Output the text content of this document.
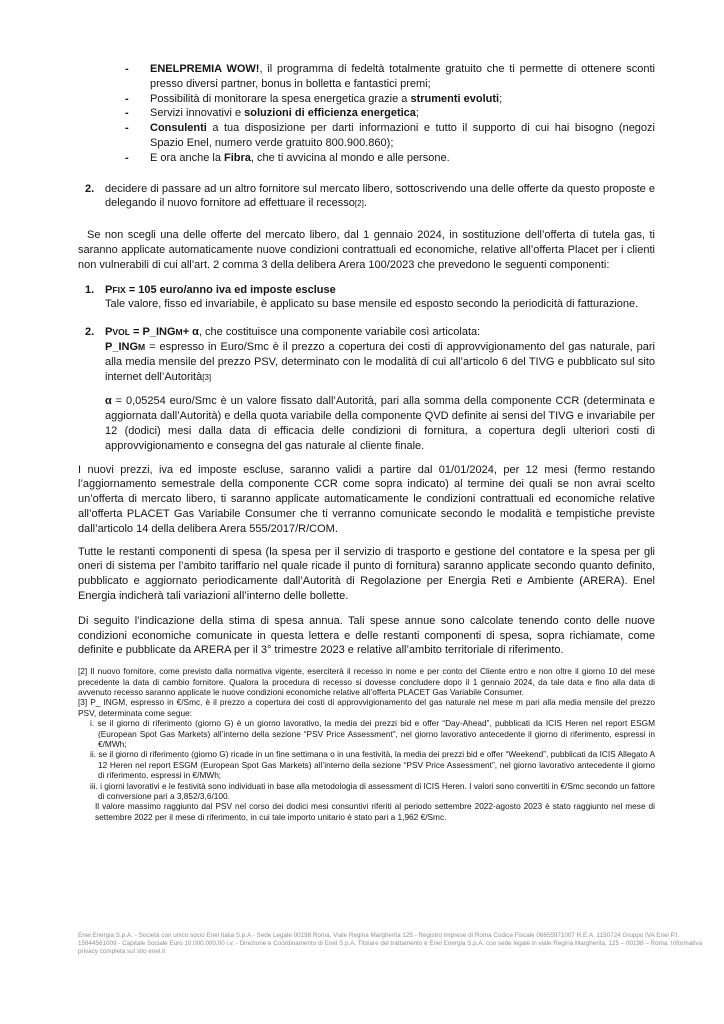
- ENELPREMIA WOW!, il programma di fedeltà totalmente gratuito che ti permette di ottenere sconti presso diversi partner, bonus in bolletta e fantastici premi;
- Possibilità di monitorare la spesa energetica grazie a strumenti evoluti;
- Servizi innovativi e soluzioni di efficienza energetica;
- Consulenti a tua disposizione per darti informazioni e tutto il supporto di cui hai bisogno (negozi Spazio Enel, numero verde gratuito 800.900.860);
- E ora anche la Fibra, che ti avvicina al mondo e alle persone.
2. decidere di passare ad un altro fornitore sul mercato libero, sottoscrivendo una delle offerte da questo proposte e delegando il nuovo fornitore ad effettuare il recesso[2].
Se non scegli una delle offerte del mercato libero, dal 1 gennaio 2024, in sostituzione dell’offerta di tutela gas, ti saranno applicate automaticamente nuove condizioni contrattuali ed economiche, relative all’offerta Placet per i clienti non vulnerabili di cui all’art. 2 comma 3 della delibera Arera 100/2023 che prevedono le seguenti componenti:
1. PFIX = 105 euro/anno iva ed imposte escluse
Tale valore, fisso ed invariabile, è applicato su base mensile ed esposto secondo la periodicità di fatturazione.
2. PVOL = P_INGM+ α, che costituisce una componente variabile così articolata:
P_INGM = espresso in Euro/Smc è il prezzo a copertura dei costi di approvvigionamento del gas naturale, pari alla media mensile del prezzo PSV, determinato con le modalità di cui all’articolo 6 del TIVG e pubblicato sul sito internet dell’Autorità[3]
α = 0,05254 euro/Smc è un valore fissato dall’Autorità, pari alla somma della componente CCR (determinata e aggiornata dall’Autorità) e della quota variabile della componente QVD definite ai sensi del TIVG e invariabile per 12 (dodici) mesi dalla data di efficacia delle condizioni di fornitura, a copertura degli ulteriori costi di approvvigionamento e consegna del gas naturale al cliente finale.
I nuovi prezzi, iva ed imposte escluse, saranno validi a partire dal 01/01/2024, per 12 mesi (fermo restando l’aggiornamento semestrale della componente CCR come sopra indicato) al termine dei quali se non avrai scelto un’offerta di mercato libero, ti saranno applicate automaticamente le condizioni contrattuali ed economiche relative all’offerta PLACET Gas Variabile Consumer che ti verranno comunicate secondo le modalità e tempistiche previste dall’articolo 14 della delibera Arera 555/2017/R/COM.
Tutte le restanti componenti di spesa (la spesa per il servizio di trasporto e gestione del contatore e la spesa per gli oneri di sistema per l’ambito tariffario nel quale ricade il punto di fornitura) saranno applicate secondo quanto definito, pubblicato e aggiornato periodicamente dall’Autorità di Regolazione per Energia Reti e Ambiente (ARERA). Enel Energia indicherà tali variazioni all’interno delle bollette.
Di seguito l’indicazione della stima di spesa annua. Tali spese annue sono calcolate tenendo conto delle nuove condizioni economiche comunicate in questa lettera e delle restanti componenti di spesa, sopra richiamate, come definite e pubblicate da ARERA per il 3° trimestre 2023 e relative all’ambito territoriale di riferimento.
[2] Il nuovo fornitore, come previsto dalla normativa vigente, eserciterà il recesso in nome e per conto del Cliente entro e non oltre il giorno 10 del mese precedente la data di cambio fornitore. Qualora la procedura di recesso si dovesse concludere dopo il 1 gennaio 2024, da tale data e fino alla data di avvenuto recesso saranno applicate le nuove condizioni economiche relative all’offerta PLACET Gas Variabile Consumer.
[3] P_ INGM, espresso in €/Smc, è il prezzo a copertura dei costi di approvvigionamento del gas naturale nel mese m pari alla media mensile del prezzo PSV, determinata come segue:
i. se il giorno di riferimento (giorno G) è un giorno lavorativo, la media dei prezzi bid e offer “Day-Ahead”, pubblicati da ICIS Heren nel report ESGM (European Spot Gas Markets) all’interno della sezione “PSV Price Assessment”, nel giorno lavorativo antecedente il giorno di riferimento, espressi in €/MWh;
ii. se il giorno di riferimento (giorno G) ricade in un fine settimana o in una festività, la media dei prezzi bid e offer “Weekend”, pubblicati da ICIS Allegato A 12 Heren nel report ESGM (European Spot Gas Markets) all’interno della sezione “PSV Price Assessment”, nel giorno lavorativo antecedente il giorno di riferimento, espressi in €/MWh;
iii. i giorni lavorativi e le festività sono individuati in base alla metodologia di assessment di ICIS Heren. I valori sono convertiti in €/Smc secondo un fattore di conversione pari a 3,852/3,6/100.
Il valore massimo raggiunto dal PSV nel corso dei dodici mesi consuntivi riferiti al periodo settembre 2022-agosto 2023 è stato raggiunto nel mese di settembre 2022 per il mese di riferimento, in cui tale importo unitario è stato pari a 1,962 €/Smc.
Enel Energia S.p.A. - Società con unico socio Enel Italia S.p.A - Sede Legale 00198 Roma, Viale Regina Margherita 125 - Registro Imprese di Roma Codice Fiscale 06655971007 R.E.A. 1150724 Gruppo IVA Enel P.I. 15844561009 - Capitale Sociale Euro 10.000.000,00 i.v. - Direzione e Coordinamento di Enel S.p.A. Titolare del trattamento è Enel Energia S.p.A. con sede legale in viale Regina Margherita, 125 – 00198 – Roma. Informativa privacy completa sul sito enel.it
